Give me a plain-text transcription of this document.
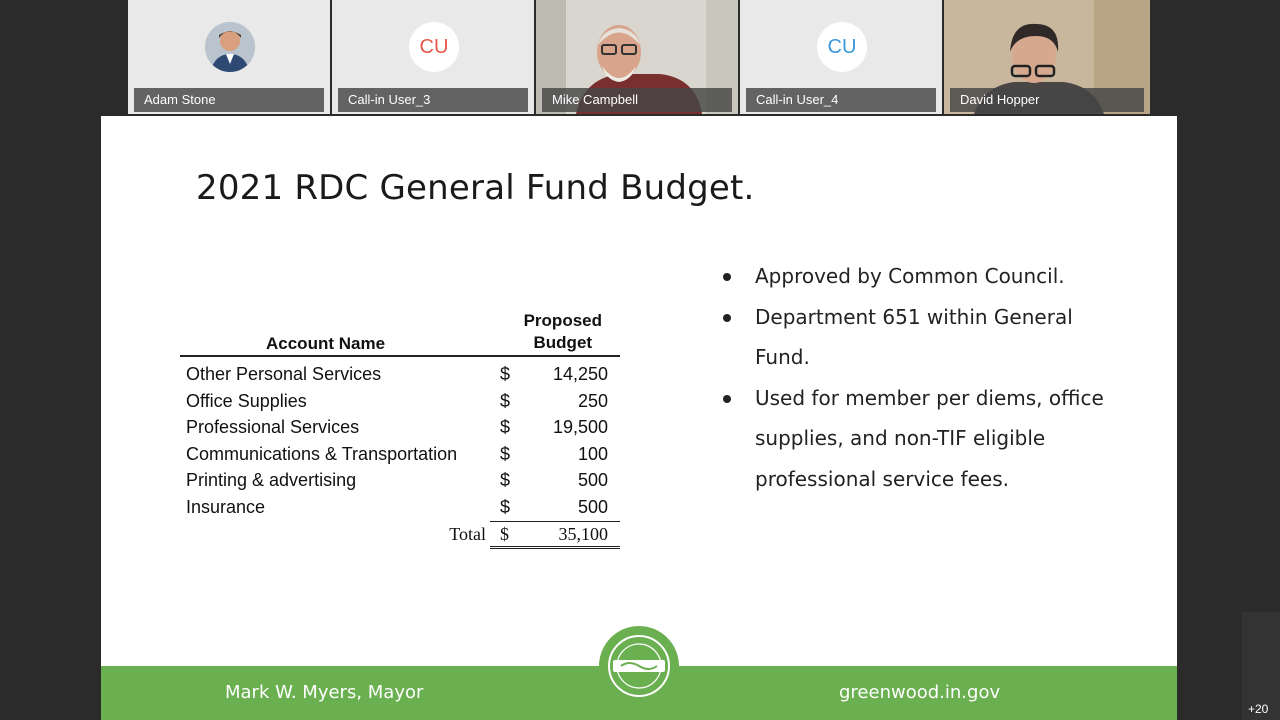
Adam Stone
CU
Call-in User_3	Mike Campbell
CU
Call-in User_4	David Hopper
2021 RDC General Fund Budget.
Account Name
Proposed
Budget
Other Personal Services	$ 14,250
Office Supplies	$	250
Professional Services	$ 19,500
Communications & Transportation $	100
Printing & advertising	$	500
Insurance	$	500
Total $	35,100
Approved by Common Council.
Department 651 within General Fund.
Used for member per diems, office supplies, and non-TIF eligible professional service fees.
Mark W. Myers, Mayor	greenwood.in.gov
+20
